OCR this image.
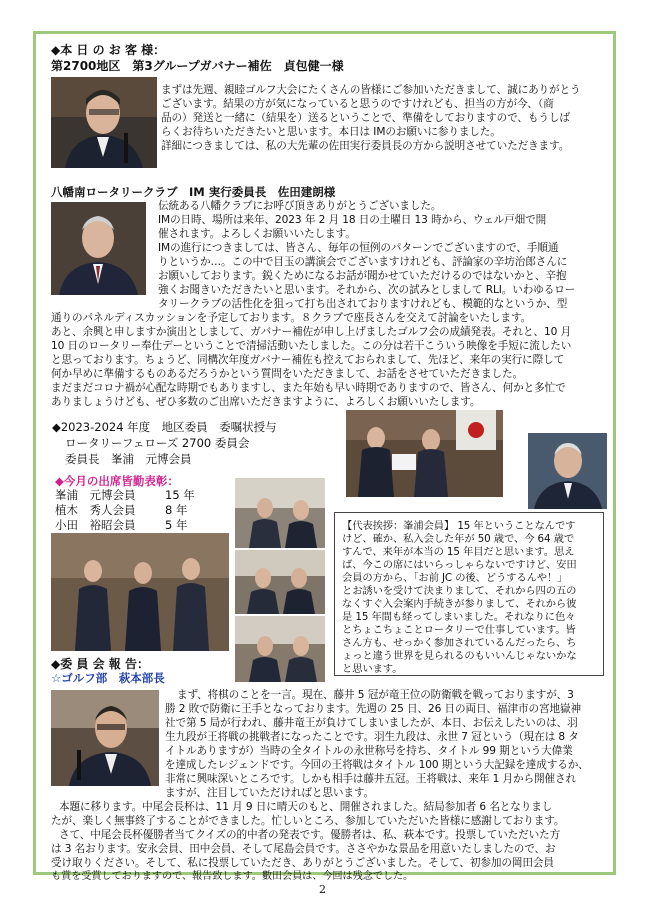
◆本 日 の お 客 様：
第2700地区　第3グループガバナー補佐　貞包健一様
まずは先週、親睦ゴルフ大会にたくさんの皆様にご参加いただきまして、誠にありがとう
ございます。結果の方が気になっていると思うのですけれども、担当の方が今、（商
品の）発送と一緒に（結果を）送るということで、準備をしておりますので、もうしば
らくお待ちいただきたいと思います。本日は IMのお願いに参りました。
詳細につきましては、私の大先輩の佐田実行委員長の方から説明させていただきます。
八幡南ロータリークラブ　IM 実行委員長　佐田建朗様
伝統ある八幡クラブにお呼び頂きありがとうございました。
IMの日時、場所は来年、2023 年 2 月 18 日の土曜日 13 時から、ウェル戸畑で開
催されます。よろしくお願いいたします。
IMの進行につきましては、皆さん、毎年の恒例のパターンでございますので、手順通
りというか…。この中で目玉の講演会でございますけれども、評論家の辛坊治郎さんに
お願いしております。鋭くためになるお話が聞かせていただけるのではないかと、辛抱
強くお聞きいただきたいと思います。それから、次の試みとしまして RLI。いわゆるロー
タリークラブの活性化を狙って打ち出されておりますけれども、模範的なというか、型
通りのパネルディスカッションを予定しております。８クラブで座長さんを交えて討論をいたします。
あと、余興と申しますか演出としまして、ガバナー補佐が申し上げましたゴルフ会の成績発表。それと、10 月
10 日のロータリー奉仕デーということで清掃活動いたしました。この分は若干こういう映像を手短に流したい
と思っております。ちょうど、同構次年度ガバナー補佐も控えておられまして、先ほど、来年の実行に際して
何か早めに準備するものあるだろうかという質問をいただきまして、お話をさせていただきました。
まだまだコロナ禍が心配な時期でもありますし、また年始も早い時期でありますので、皆さん、何かと多忙で
ありましょうけども、ぜひ多数のご出席いただきますように、よろしくお願いいたします。
◆2023-2024 年度　地区委員　委嘱状授与
ロータリーフェローズ 2700 委員会
委員長　峯浦　元博会員
◆今月の出席皆勤表彰：
峯浦　元博会員	15 年
植木　秀人会員	8 年
小田　裕昭会員	5 年	【代表挨拶：峯浦会員】 15 年ということなんです
けど、確か、私入会した年が 50 歳で、今 64 歳で
すんで、来年が本当の 15 年目だと思います。思え
ば、今この席にはいらっしゃらないですけど、安田
会員の方から、「お前 JC の後、どうするんや！」
とお誘いを受けて決まりまして、それから四の五の
なくすぐ入会案内手続きが参りまして、それから彼
是 15 年間も経ってしまいました。それなりに色々
とちょこちょことロータリーで仕事しています。皆
さん方も、せっかく参加されているんだったら、ち
ょっと違う世界を見られるのもいいんじゃないかな
と思います。
◆委 員 会 報 告：
☆ゴルフ部　萩本部長
まず、将棋のことを一言。現在、藤井 5 冠が竜王位の防衛戦を戦っておりますが、3
勝 2 敗で防衛に王手となっております。先週の 25 日、26 日の両日、福津市の宮地嶽神
社で第 5 局が行われ、藤井竜王が負けてしまいましたが、本日、お伝えしたいのは、羽
生九段が王将戦の挑戦者になったことです。羽生九段は、永世 7 冠という（現在は 8 タ
イトルありますが）当時の全タイトルの永世称号を持ち、タイトル 99 期という大偉業
を達成したレジェンドです。今回の王将戦はタイトル 100 期という大記録を達成するか、
非常に興味深いところです。しかも相手は藤井五冠。王将戦は、来年 1 月から開催され
ますが、注目していただければと思います。
本題に移ります。中尾会長杯は、11 月 9 日に晴天のもと、開催されました。結局参加者 6 名となりまし
たが、楽しく無事終了することができました。忙しいところ、参加していただいた皆様に感謝しております。
さて、中尾会長杯優勝者当てクイズの的中者の発表です。優勝者は、私、萩本です。投票していただいた方
は 3 名おります。安永会員、田中会員、そして尾島会員です。ささやかな景品を用意いたしましたので、お
受け取りください。そして、私に投票していただき、ありがとうございました。そして、初参加の岡田会員
も賞を受賞しておりますので、報告致します。數田会員は、今回は残念でした。
2
